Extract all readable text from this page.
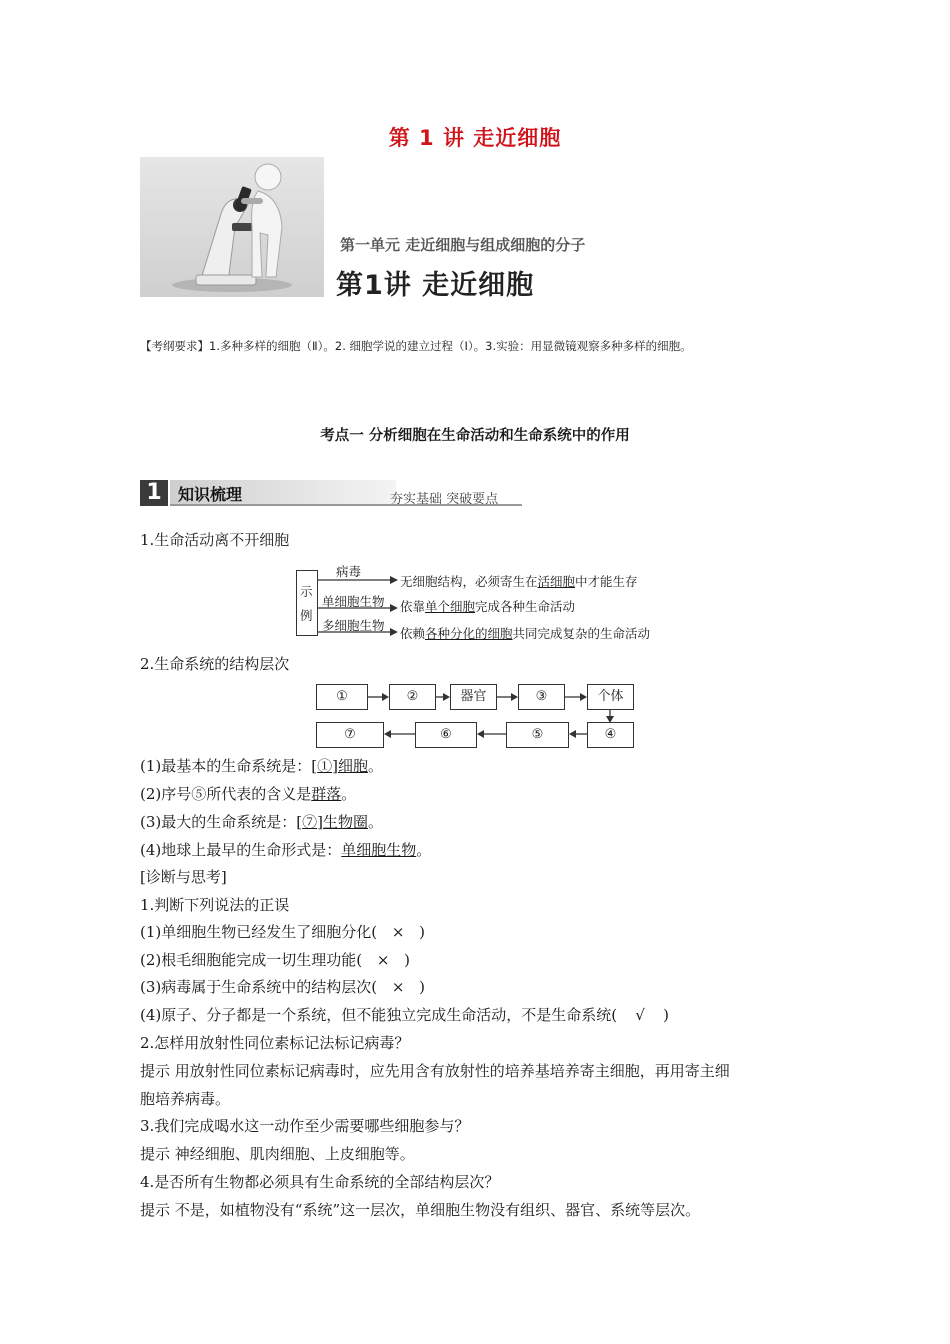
第 1 讲 走近细胞
第一单元 走近细胞与组成细胞的分子
第1讲 走近细胞
【考纲要求】1.多种多样的细胞（Ⅱ）。2. 细胞学说的建立过程（Ⅰ）。3.实验：用显微镜观察多种多样的细胞。
考点一 分析细胞在生命活动和生命系统中的作用
1	知识梳理	夯实基础 突破要点
1.生命活动离不开细胞
示
例
病毒
单细胞生物
多细胞生物
无细胞结构，必须寄生在活细胞中才能生存
依靠单个细胞完成各种生命活动
依赖各种分化的细胞共同完成复杂的生命活动
2.生命系统的结构层次
①	②	器官	③	个体
⑦	⑥	⑤	④
(1)最基本的生命系统是：[①]细胞。
(2)序号⑤所代表的含义是群落。
(3)最大的生命系统是：[⑦]生物圈。
(4)地球上最早的生命形式是：单细胞生物。
[诊断与思考]
1.判断下列说法的正误
(1)单细胞生物已经发生了细胞分化( × )
(2)根毛细胞能完成一切生理功能( × )
(3)病毒属于生命系统中的结构层次( × )
(4)原子、分子都是一个系统，但不能独立完成生命活动，不是生命系统( √ )
2.怎样用放射性同位素标记法标记病毒？
提示 用放射性同位素标记病毒时，应先用含有放射性的培养基培养寄主细胞，再用寄主细
胞培养病毒。
3.我们完成喝水这一动作至少需要哪些细胞参与？
提示 神经细胞、肌肉细胞、上皮细胞等。
4.是否所有生物都必须具有生命系统的全部结构层次？
提示 不是，如植物没有“系统”这一层次，单细胞生物没有组织、器官、系统等层次。
